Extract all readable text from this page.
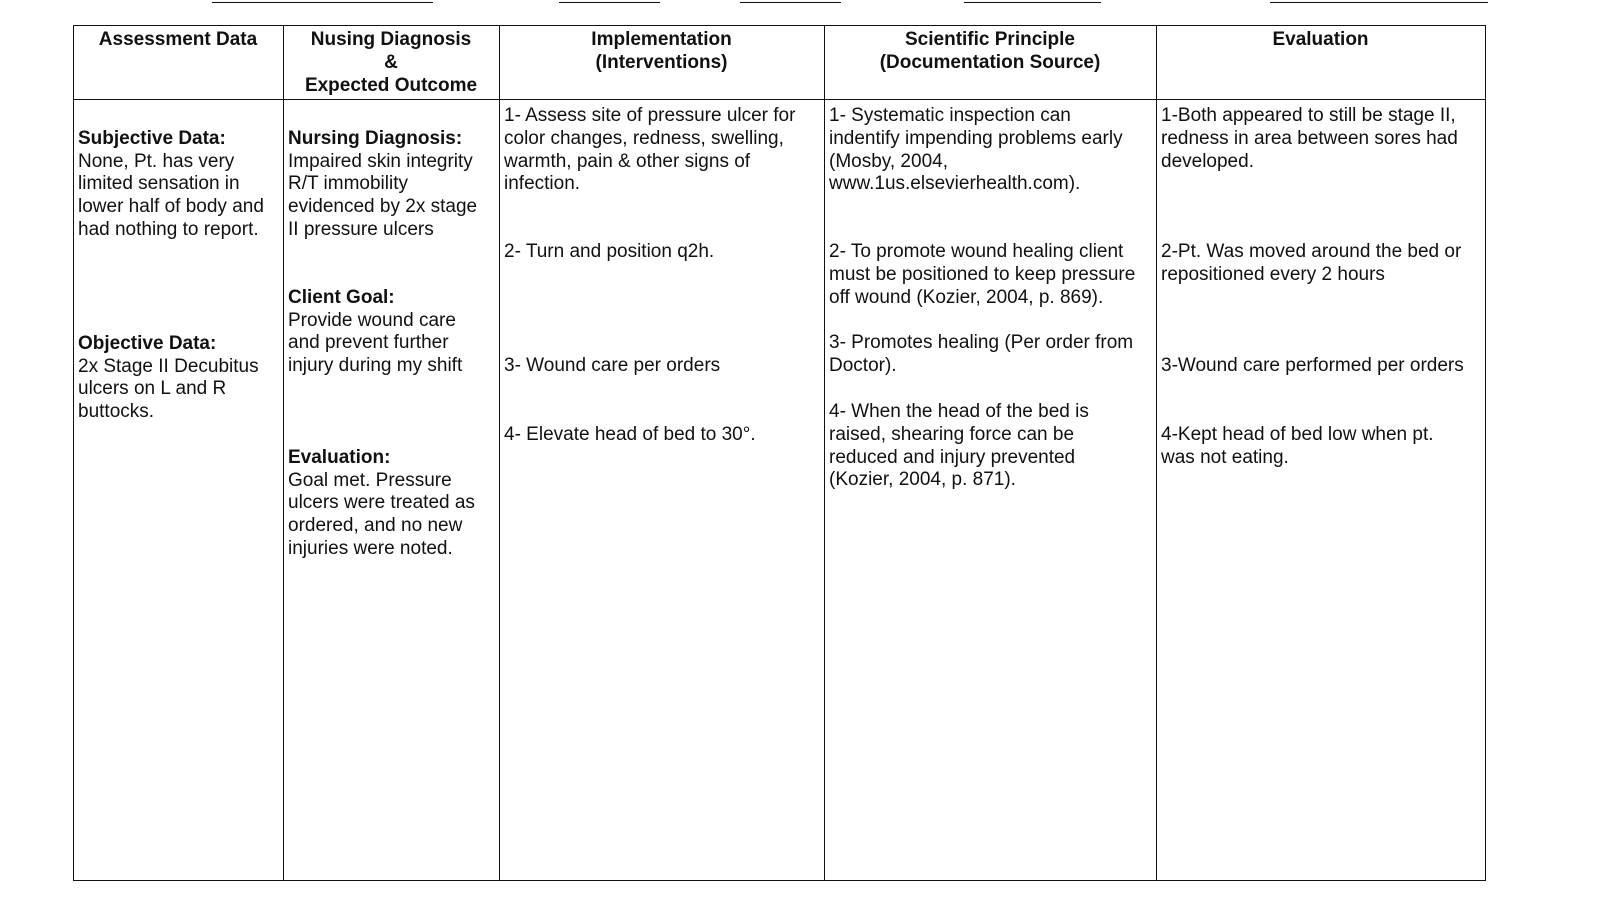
Assessment Data	Nusing Diagnosis
&
Expected Outcome
Implementation
(Interventions)
Scientific Principle
(Documentation Source)
Evaluation

Subjective Data:
None, Pt. has very
limited sensation in
lower half of body and
had nothing to report.

Objective Data:
2x Stage II Decubitus
ulcers on L and R
buttocks.

Nursing Diagnosis:
Impaired skin integrity
R/T immobility
evidenced by 2x stage
II pressure ulcers

Client Goal:
Provide wound care
and prevent further
injury during my shift

Evaluation:
Goal met. Pressure
ulcers were treated as
ordered, and no new
injuries were noted.

1- Assess site of pressure ulcer for
color changes, redness, swelling,
warmth, pain & other signs of
infection.
2- Turn and position q2h.
3- Wound care per orders
4- Elevate head of bed to 30°.
1- Systematic inspection can
indentify impending problems early
(Mosby, 2004,
www.1us.elsevierhealth.com).
2- To promote wound healing client
must be positioned to keep pressure
off wound (Kozier, 2004, p. 869).
3- Promotes healing (Per order from
Doctor).
4- When the head of the bed is
raised, shearing force can be
reduced and injury prevented
(Kozier, 2004, p. 871).
1-Both appeared to still be stage II,
redness in area between sores had
developed.
2-Pt. Was moved around the bed or
repositioned every 2 hours
3-Wound care performed per orders
4-Kept head of bed low when pt.
was not eating.
